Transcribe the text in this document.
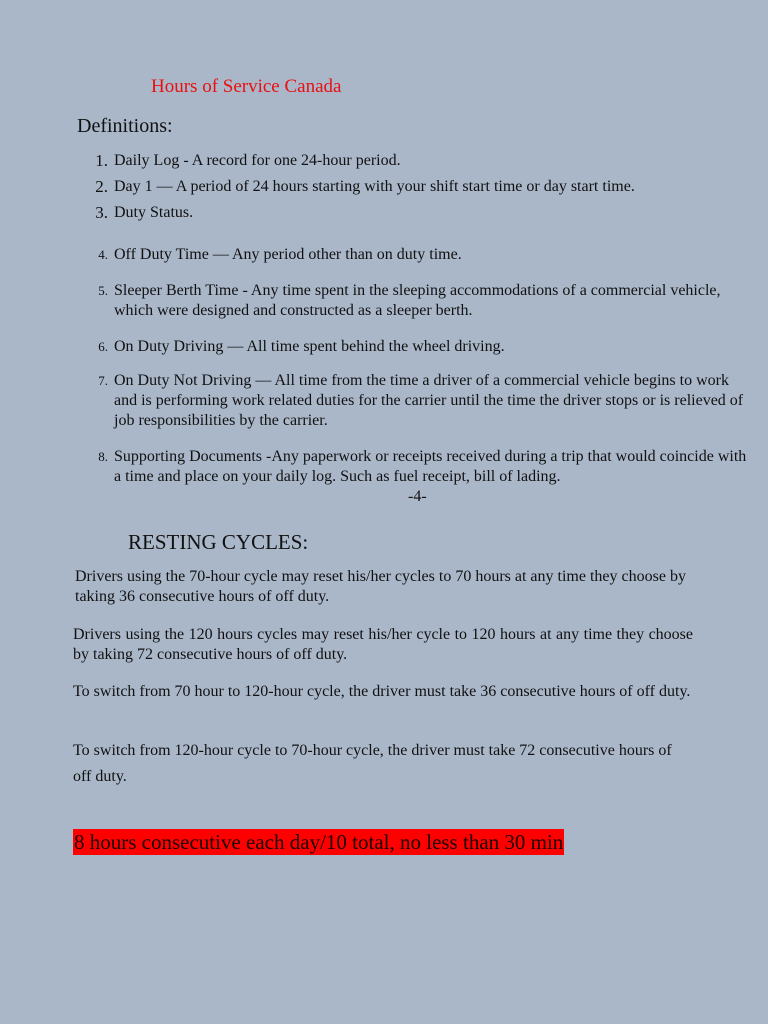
Hours of Service Canada
Definitions:
1. Daily Log - A record for one 24-hour period.
2. Day 1 — A period of 24 hours starting with your shift start time or day start time.
3. Duty Status.
4. Off Duty Time — Any period other than on duty time.
5. Sleeper Berth Time - Any time spent in the sleeping accommodations of a commercial vehicle, which were designed and constructed as a sleeper berth.
6. On Duty Driving — All time spent behind the wheel driving.
7. On Duty Not Driving — All time from the time a driver of a commercial vehicle begins to work and is performing work related duties for the carrier until the time the driver stops or is relieved of job responsibilities by the carrier.
8. Supporting Documents -Any paperwork or receipts received during a trip that would coincide with a time and place on your daily log. Such as fuel receipt, bill of lading.
-4-
RESTING CYCLES:

Drivers using the 70-hour cycle may reset his/her cycles to 70 hours at any time they choose by taking 36 consecutive hours of off duty.

Drivers using the 120 hours cycles may reset his/her cycle to 120 hours at any time they choose by taking 72 consecutive hours of off duty.

To switch from 70 hour to 120-hour cycle, the driver must take 36 consecutive hours of off duty.

To switch from 120-hour cycle to 70-hour cycle, the driver must take 72 consecutive hours of off duty.

8 hours consecutive each day/10 total, no less than 30 min
